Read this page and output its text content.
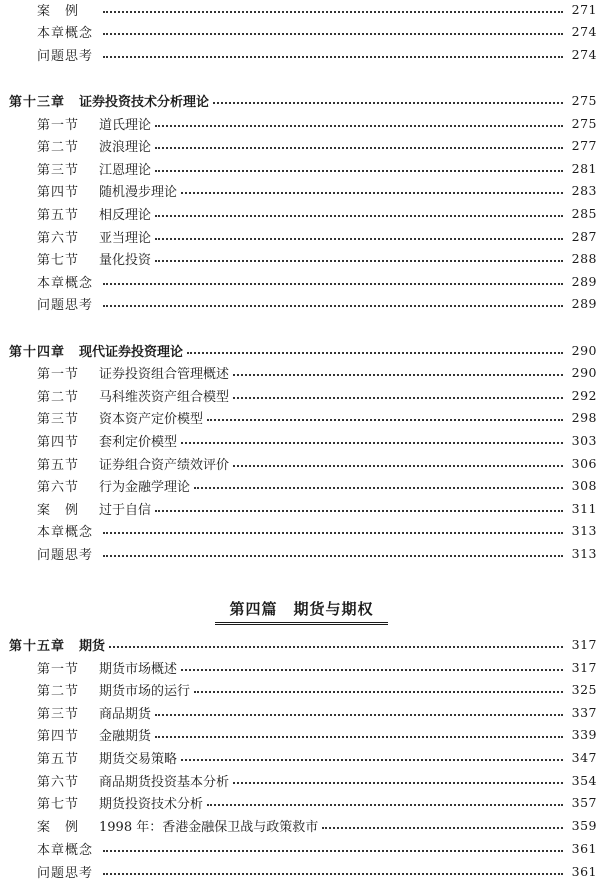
案　例	271
本章概念	274
问题思考	274
第十三章 证券投资技术分析理论	275
第一节 道氏理论	275
第二节 波浪理论	277
第三节 江恩理论	281
第四节 随机漫步理论	283
第五节 相反理论	285
第六节 亚当理论	287
第七节 量化投资	288
本章概念	289
问题思考	289
第十四章 现代证券投资理论	290
第一节 证券投资组合管理概述	290
第二节 马科维茨资产组合模型	292
第三节 资本资产定价模型	298
第四节 套利定价模型	303
第五节 证券组合资产绩效评价	306
第六节 行为金融学理论	308
案　例 过于自信	311
本章概念	313
问题思考	313
第十五章 期货	317
第一节 期货市场概述	317
第二节 期货市场的运行	325
第三节 商品期货	337
第四节 金融期货	339
第五节 期货交易策略	347
第六节 商品期货投资基本分析	354
第七节 期货投资技术分析	357
案　例 1998 年：香港金融保卫战与政策救市	359
本章概念	361
问题思考	361
第四篇　期货与期权
